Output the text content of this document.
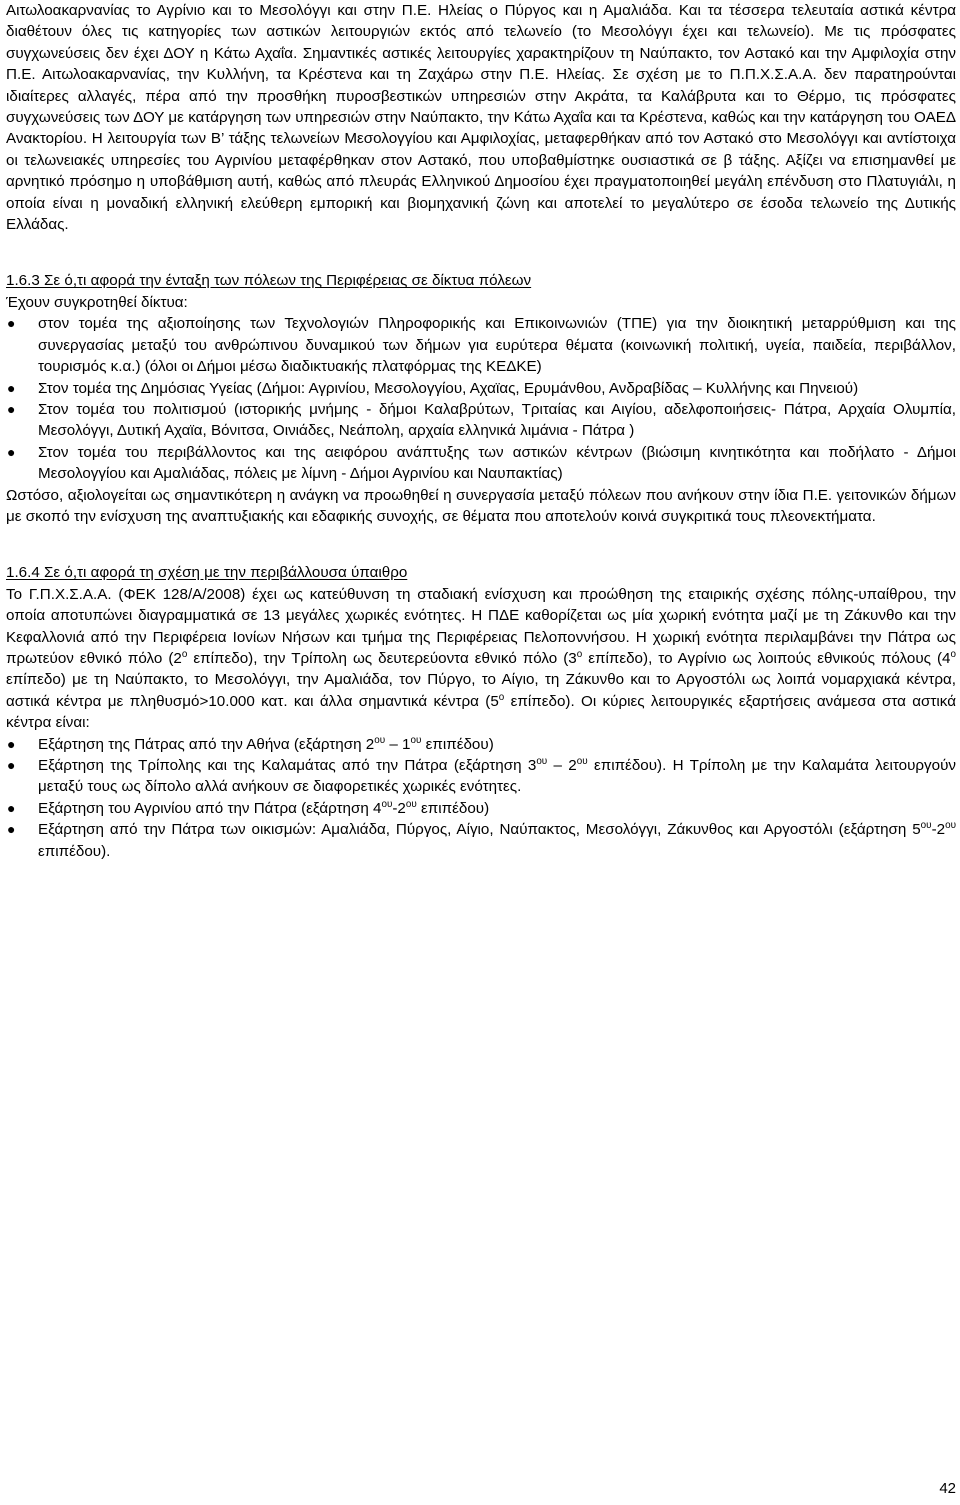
Αιτωλοακαρνανίας το Αγρίνιο και το Μεσολόγγι και στην Π.Ε. Ηλείας ο Πύργος και η Αμαλιάδα. Και τα τέσσερα τελευταία αστικά κέντρα διαθέτουν όλες τις κατηγορίες των αστικών λειτουργιών εκτός από τελωνείο (το Μεσολόγγι έχει και τελωνείο). Με τις πρόσφατες συγχωνεύσεις δεν έχει ΔΟΥ η Κάτω Αχαΐα. Σημαντικές αστικές λειτουργίες χαρακτηρίζουν τη Ναύπακτο, τον Αστακό και την Αμφιλοχία στην Π.Ε. Αιτωλοακαρνανίας, την Κυλλήνη, τα Κρέστενα και τη Ζαχάρω στην Π.Ε. Ηλείας. Σε σχέση με το Π.Π.Χ.Σ.Α.Α. δεν παρατηρούνται ιδιαίτερες αλλαγές, πέρα από την προσθήκη πυροσβεστικών υπηρεσιών στην Ακράτα, τα Καλάβρυτα και το Θέρμο, τις πρόσφατες συγχωνεύσεις των ΔΟΥ με κατάργηση των υπηρεσιών στην Ναύπακτο, την Κάτω Αχαΐα και τα Κρέστενα, καθώς και την κατάργηση του ΟΑΕΔ Ανακτορίου. Η λειτουργία των Β’ τάξης τελωνείων Μεσολογγίου και Αμφιλοχίας, μεταφερθήκαν από τον Αστακό στο Μεσολόγγι και αντίστοιχα οι τελωνειακές υπηρεσίες του Αγρινίου μεταφέρθηκαν στον Αστακό, που υποβαθμίστηκε ουσιαστικά σε β τάξης. Αξίζει να επισημανθεί με αρνητικό πρόσημο η υποβάθμιση αυτή, καθώς από πλευράς Ελληνικού Δημοσίου έχει πραγματοποιηθεί μεγάλη επένδυση στο Πλατυγιάλι, η οποία είναι η μοναδική ελληνική ελεύθερη εμπορική και βιομηχανική ζώνη και αποτελεί το μεγαλύτερο σε έσοδα τελωνείο της Δυτικής Ελλάδας.

1.6.3 Σε ό,τι αφορά την ένταξη των πόλεων της Περιφέρειας σε δίκτυα πόλεων

Έχουν συγκροτηθεί δίκτυα:

● στον τομέα της αξιοποίησης των Τεχνολογιών Πληροφορικής και Επικοινωνιών (ΤΠΕ) για την διοικητική μεταρρύθμιση και της συνεργασίας μεταξύ του ανθρώπινου δυναμικού των δήμων για ευρύτερα θέματα (κοινωνική πολιτική, υγεία, παιδεία, περιβάλλον, τουρισμός κ.α.) (όλοι οι Δήμοι μέσω διαδικτυακής πλατφόρμας της ΚΕΔΚΕ)
● Στον τομέα της Δημόσιας Υγείας (Δήμοι: Αγρινίου, Μεσολογγίου, Αχαϊας, Ερυμάνθου, Ανδραβίδας – Κυλλήνης και Πηνειού)
● Στον τομέα του πολιτισμού (ιστορικής μνήμης - δήμοι Καλαβρύτων, Τριταίας και Αιγίου, αδελφοποιήσεις- Πάτρα, Αρχαία Ολυμπία, Μεσολόγγι, Δυτική Αχαϊα, Βόνιτσα, Οινιάδες, Νεάπολη, αρχαία ελληνικά λιμάνια - Πάτρα )
● Στον τομέα του περιβάλλοντος και της αειφόρου ανάπτυξης των αστικών κέντρων (βιώσιμη κινητικότητα και ποδήλατο - Δήμοι Μεσολογγίου και Αμαλιάδας, πόλεις με λίμνη - Δήμοι Αγρινίου και Ναυπακτίας)

Ωστόσο, αξιολογείται ως σημαντικότερη η ανάγκη να προωθηθεί η συνεργασία μεταξύ πόλεων που ανήκουν στην ίδια Π.Ε. γειτονικών δήμων με σκοπό την ενίσχυση της αναπτυξιακής και εδαφικής συνοχής, σε θέματα που αποτελούν κοινά συγκριτικά τους πλεονεκτήματα.

1.6.4 Σε ό,τι αφορά τη σχέση με την περιβάλλουσα ύπαιθρο

Το Γ.Π.Χ.Σ.Α.Α. (ΦΕΚ 128/Α/2008) έχει ως κατεύθυνση τη σταδιακή ενίσχυση και προώθηση της εταιρικής σχέσης πόλης-υπαίθρου, την οποία αποτυπώνει διαγραμματικά σε 13 μεγάλες χωρικές ενότητες. Η ΠΔΕ καθορίζεται ως μία χωρική ενότητα μαζί με τη Ζάκυνθο και την Κεφαλλονιά από την Περιφέρεια Ιονίων Νήσων και τμήμα της Περιφέρειας Πελοποννήσου. Η χωρική ενότητα περιλαμβάνει την Πάτρα ως πρωτεύον εθνικό πόλο ($2^o$ επίπεδο), την Τρίπολη ως δευτερεύοντα εθνικό πόλο ($3^o$ επίπεδο), το Αγρίνιο ως λοιπούς εθνικούς πόλους ($4^o$ επίπεδο) με τη Ναύπακτο, το Μεσολόγγι, την Αμαλιάδα, τον Πύργο, το Αίγιο, τη Ζάκυνθο και το Αργοστόλι ως λοιπά νομαρχιακά κέντρα, αστικά κέντρα με πληθυσμό>10.000 κατ. και άλλα σημαντικά κέντρα ($5^o$ επίπεδο). Οι κύριες λειτουργικές εξαρτήσεις ανάμεσα στα αστικά κέντρα είναι:

● Εξάρτηση της Πάτρας από την Αθήνα (εξάρτηση $2^{o\upsilon} - 1^{o\upsilon}$ επιπέδου)
● Εξάρτηση της Τρίπολης και της Καλαμάτας από την Πάτρα (εξάρτηση $3^{o\upsilon} - 2^{o\upsilon}$ επιπέδου). Η Τρίπολη με την Καλαμάτα λειτουργούν μεταξύ τους ως δίπολο αλλά ανήκουν σε διαφορετικές χωρικές ενότητες.
● Εξάρτηση του Αγρινίου από την Πάτρα (εξάρτηση $4^{o\upsilon}-2^{o\upsilon}$ επιπέδου)
● Εξάρτηση από την Πάτρα των οικισμών: Αμαλιάδα, Πύργος, Αίγιο, Ναύπακτος, Μεσολόγγι, Ζάκυνθος και Αργοστόλι (εξάρτηση $5^{o\upsilon}-2^{o\upsilon}$ επιπέδου).
42
